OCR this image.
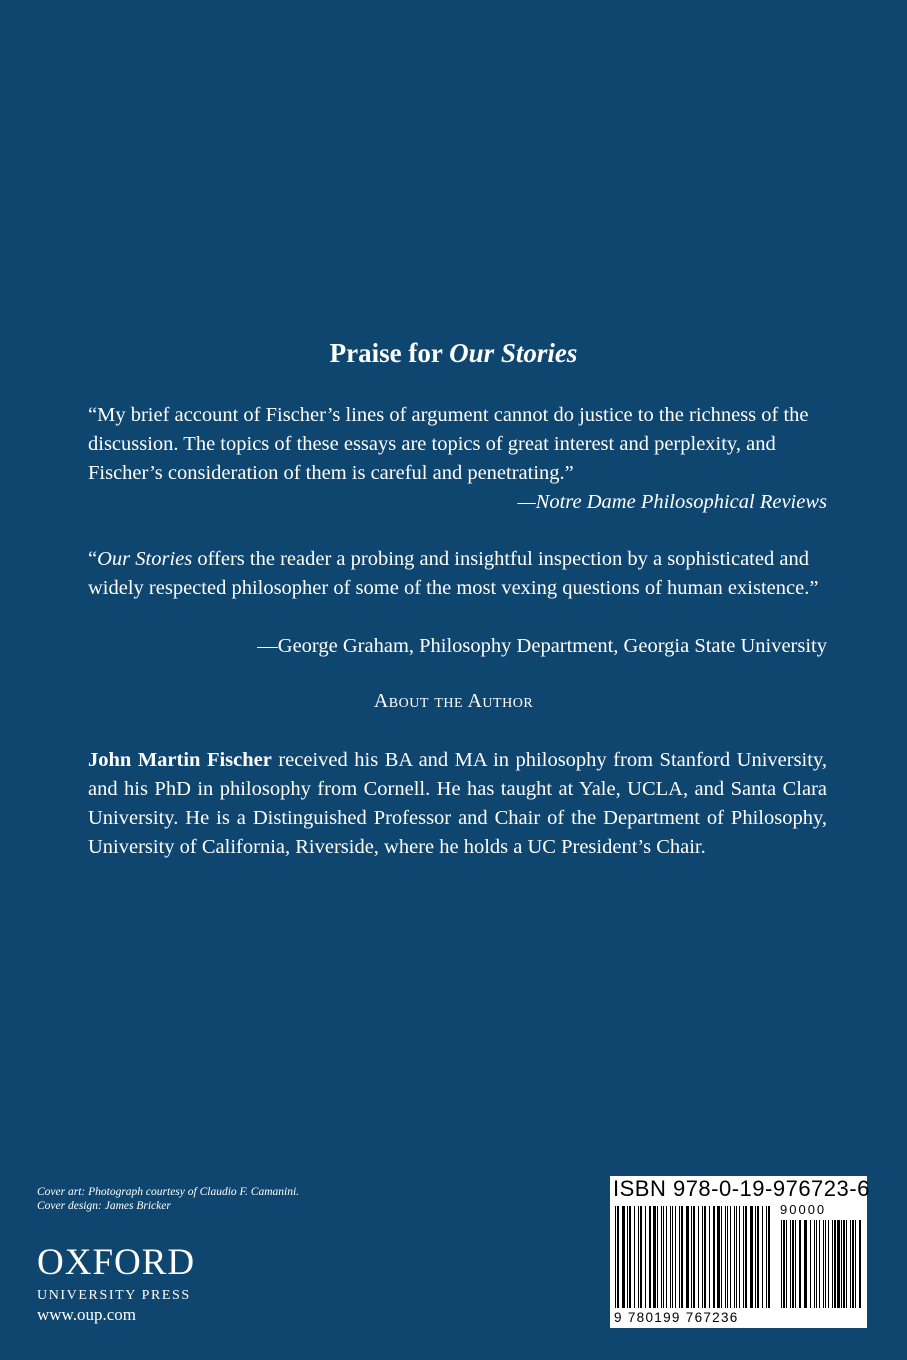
Praise for Our Stories
“My brief account of Fischer’s lines of argument cannot do justice to the richness of the discussion. The topics of these essays are topics of great interest and perplexity, and Fischer’s consideration of them is careful and penetrating.”
—Notre Dame Philosophical Reviews
“Our Stories offers the reader a probing and insightful inspection by a sophisticated and widely respected philosopher of some of the most vexing questions of human existence.”
—George Graham, Philosophy Department, Georgia State University
About the Author
John Martin Fischer received his BA and MA in philosophy from Stanford University, and his PhD in philosophy from Cornell. He has taught at Yale, UCLA, and Santa Clara University. He is a Distinguished Professor and Chair of the Department of Philosophy, University of California, Riverside, where he holds a UC President’s Chair.
Cover art: Photograph courtesy of Claudio F. Camanini.
Cover design: James Bricker
OXFORD
UNIVERSITY PRESS
www.oup.com
ISBN 978-0-19-976723-6
90000
9 780199 767236
